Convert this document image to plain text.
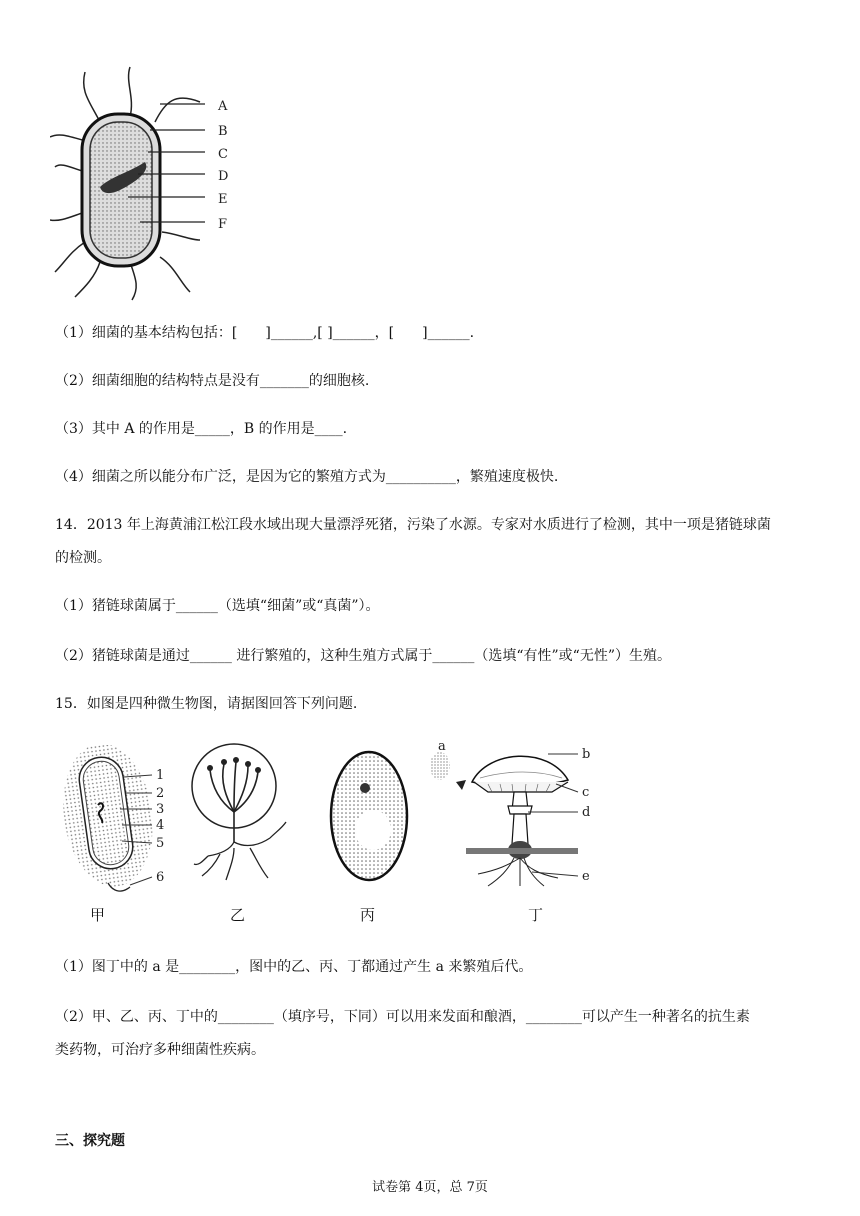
A
B
C
D
E
F
（1）细菌的基本结构包括：[　　]______,[ ]______，[　　]______.
（2）细菌细胞的结构特点是没有_______的细胞核.
（3）其中 A 的作用是_____，B 的作用是____.
（4）细菌之所以能分布广泛，是因为它的繁殖方式为__________，繁殖速度极快.
14．2013 年上海黄浦江松江段水域出现大量漂浮死猪，污染了水源。专家对水质进行了检测，其中一项是猪链球菌
的检测。
（1）猪链球菌属于______（选填“细菌”或“真菌”）。
（2）猪链球菌是通过______ 进行繁殖的，这种生殖方式属于______（选填“有性”或“无性”）生殖。
15．如图是四种微生物图，请据图回答下列问题.
1
2
3
4
5
6
a
b
c
d
e
甲	乙	丙	丁
（1）图丁中的 a 是________，图中的乙、丙、丁都通过产生 a 来繁殖后代。
（2）甲、乙、丙、丁中的________（填序号，下同）可以用来发面和酿酒，________可以产生一种著名的抗生素
类药物，可治疗多种细菌性疾病。
三、探究题
试卷第 4页，总 7页
